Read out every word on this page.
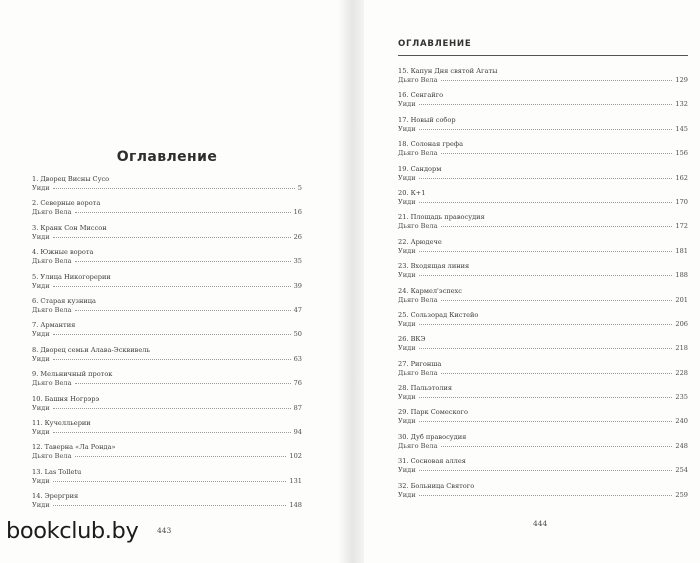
Оглавление
1. Дворец Висны Сусо
Уиди	5
2. Северные ворота
Дьяго Вела	16
3. Кранк Сон Миссон
Уиди	26
4. Южные ворота
Дьяго Вела	35
5. Улица Никогорерии
Уиди	39
6. Старая кузница
Дьяго Вела	47
7. Армантия
Уиди	50
8. Дворец семьи Алава-Эсквивель
Уиди	63
9. Мельничный проток
Дьяго Вела	76
10. Башня Ногрэрэ
Уиди	87
11. Кучелльерии
Уиди	94
12. Таверна «Ла Ронда»
Дьяго Вела	102
13. Las Tolletu
Уиди	131
14. Эрергрия
Уиди	148

443

ОГЛАВЛЕНИЕ
15. Капун Дня святой Агаты
Дьяго Вела	129
16. Сенгайго
Уиди	132
17. Новый собор
Уиди	145
18. Солоная грефа
Дьяго Вела	156
19. Сандорм
Уиди	162
20. К+1
Уиди	170
21. Площадь правосудия
Дьяго Вела	172
22. Арюдече
Уиди	181
23. Входящая линия
Уиди	188
24. Кармел'эспехс
Дьяго Вела	201
25. Сользорад Кистейо
Уиди	206
26. ВКЭ
Уиди	218
27. Ригонша
Дьяго Вела	228
28. Пальэтолия
Уиди	235
29. Парк Сомеского
Уиди	240
30. Дуб правосудия
Дьяго Вела	248
31. Сосновая аллея
Уиди	254
32. Больница Святого
Уиди	259

444

bookclub.by
